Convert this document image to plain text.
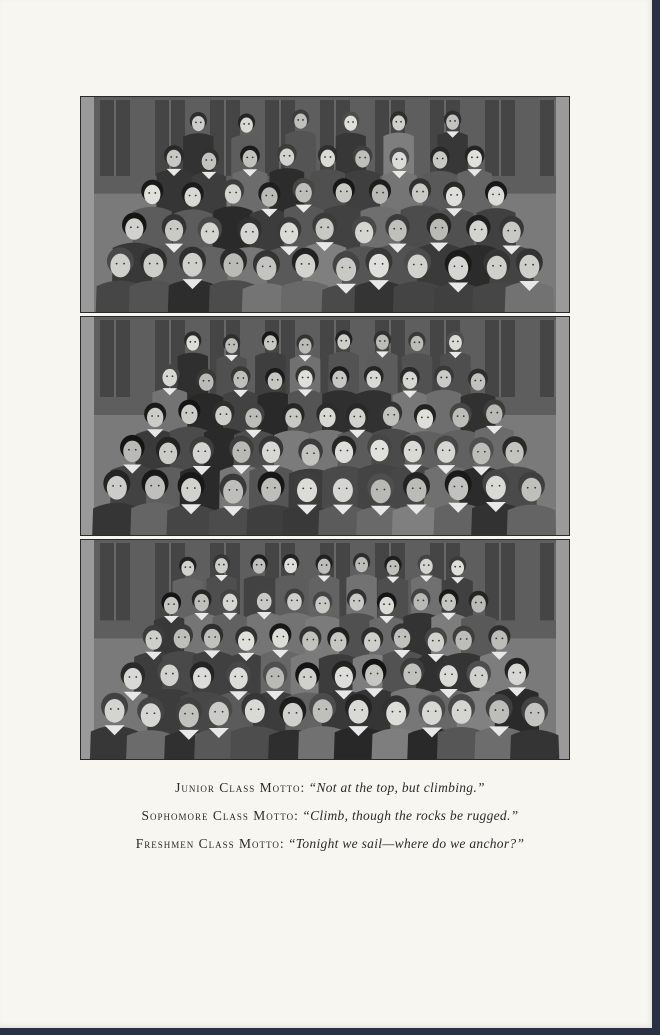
Junior Class Motto: “Not at the top, but climbing.”

Sophomore Class Motto: “Climb, though the rocks be rugged.”

Freshmen Class Motto: “Tonight we sail—where do we anchor?”
